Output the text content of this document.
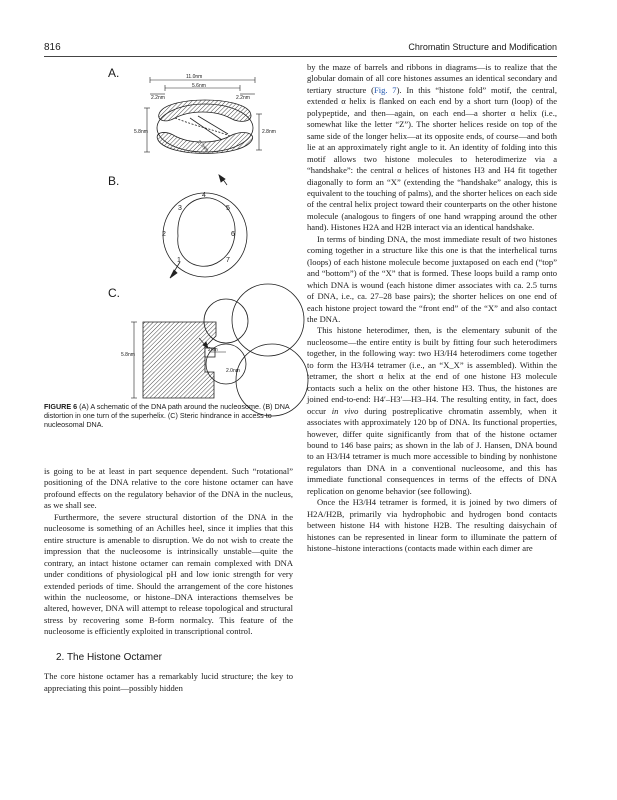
816	Chromatin Structure and Modification
A.
B.
C.
11.0nm
5.6nm
2.2nm	2.2nm
5.8nm	2.8nm
3
4
5
2	6
1	7
5.8nm
2nm
2.0nm
FIGURE 6 (A) A schematic of the DNA path around the nucleosome. (B) DNA distortion in one turn of the superhelix. (C) Steric hindrance in access to nucleosomal DNA.

is going to be at least in part sequence dependent. Such “rotational” positioning of the DNA relative to the core histone octamer can have profound effects on the regulatory behavior of the DNA in the nucleus, as we shall see.

Furthermore, the severe structural distortion of the DNA in the nucleosome is something of an Achilles heel, since it implies that this entire structure is amenable to disruption. We do not wish to create the impression that the nucleosome is intrinsically unstable—quite the contrary, an intact histone octamer can remain complexed with DNA under conditions of physiological pH and low ionic strength for very extended periods of time. Should the arrangement of the core histones within the nucleosome, or histone–DNA interactions themselves be altered, however, DNA will attempt to release topological and structural stress by recovering some B-form normalcy. This feature of the nucleosome is efficiently exploited in transcriptional control.

2. The Histone Octamer

The core histone octamer has a remarkably lucid structure; the key to appreciating this point—possibly hidden

by the maze of barrels and ribbons in diagrams—is to realize that the globular domain of all core histones assumes an identical secondary and tertiary structure (Fig. 7). In this “histone fold” motif, the central, extended α helix is flanked on each end by a short turn (loop) of the polypeptide, and then—again, on each end—a shorter α helix (i.e., somewhat like the letter “Z”). The shorter helices reside on top of the same side of the longer helix—at its opposite ends, of course—and both lie at an approximately right angle to it. An identity of folding into this motif allows two histone molecules to heterodimerize via a “handshake”: the central α helices of histones H3 and H4 fit together diagonally to form an “X” (extending the “handshake” analogy, this is equivalent to the touching of palms), and the shorter helices on each side of the central helix project toward their counterparts on the other histone molecule (analogous to fingers of one hand wrapping around the other hand). Histones H2A and H2B interact via an identical handshake.

In terms of binding DNA, the most immediate result of two histones coming together in a structure like this one is that the interhelical turns (loops) of each histone molecule become juxtaposed on each end (“top” and “bottom”) of the “X” that is formed. These loops build a ramp onto which DNA is wound (each histone dimer associates with ca. 2.5 turns of DNA, i.e., ca. 27–28 base pairs); the shorter helices on one end of each histone project toward the “front end” of the “X” and also contact the DNA.

This histone heterodimer, then, is the elementary subunit of the nucleosome—the entire entity is built by fitting four such heterodimers together, in the following way: two H3/H4 heterodimers come together to form the H3/H4 tetramer (i.e., an “X_X” is assembled). Within the tetramer, the short α helix at the end of one histone H3 molecule contacts such a helix on the other histone H3. Thus, the histones are joined end-to-end: H4′–H3′—H3–H4. The resulting entity, in fact, does occur in vivo during postreplicative chromatin assembly, when it associates with approximately 120 bp of DNA. Its functional properties, however, differ quite significantly from that of the histone octamer bound to 146 base pairs; as shown in the lab of J. Hansen, DNA bound to an H3/H4 tetramer is much more accessible to binding by nonhistone regulators than DNA in a conventional nucleosome, and this has immediate functional consequences in terms of the effects of DNA replication on genome behavior (see following).

Once the H3/H4 tetramer is formed, it is joined by two dimers of H2A/H2B, primarily via hydrophobic and hydrogen bond contacts between histone H4 with histone H2B. The resulting daisychain of histones can be represented in linear form to illuminate the pattern of histone–histone interactions (contacts made within each dimer are
